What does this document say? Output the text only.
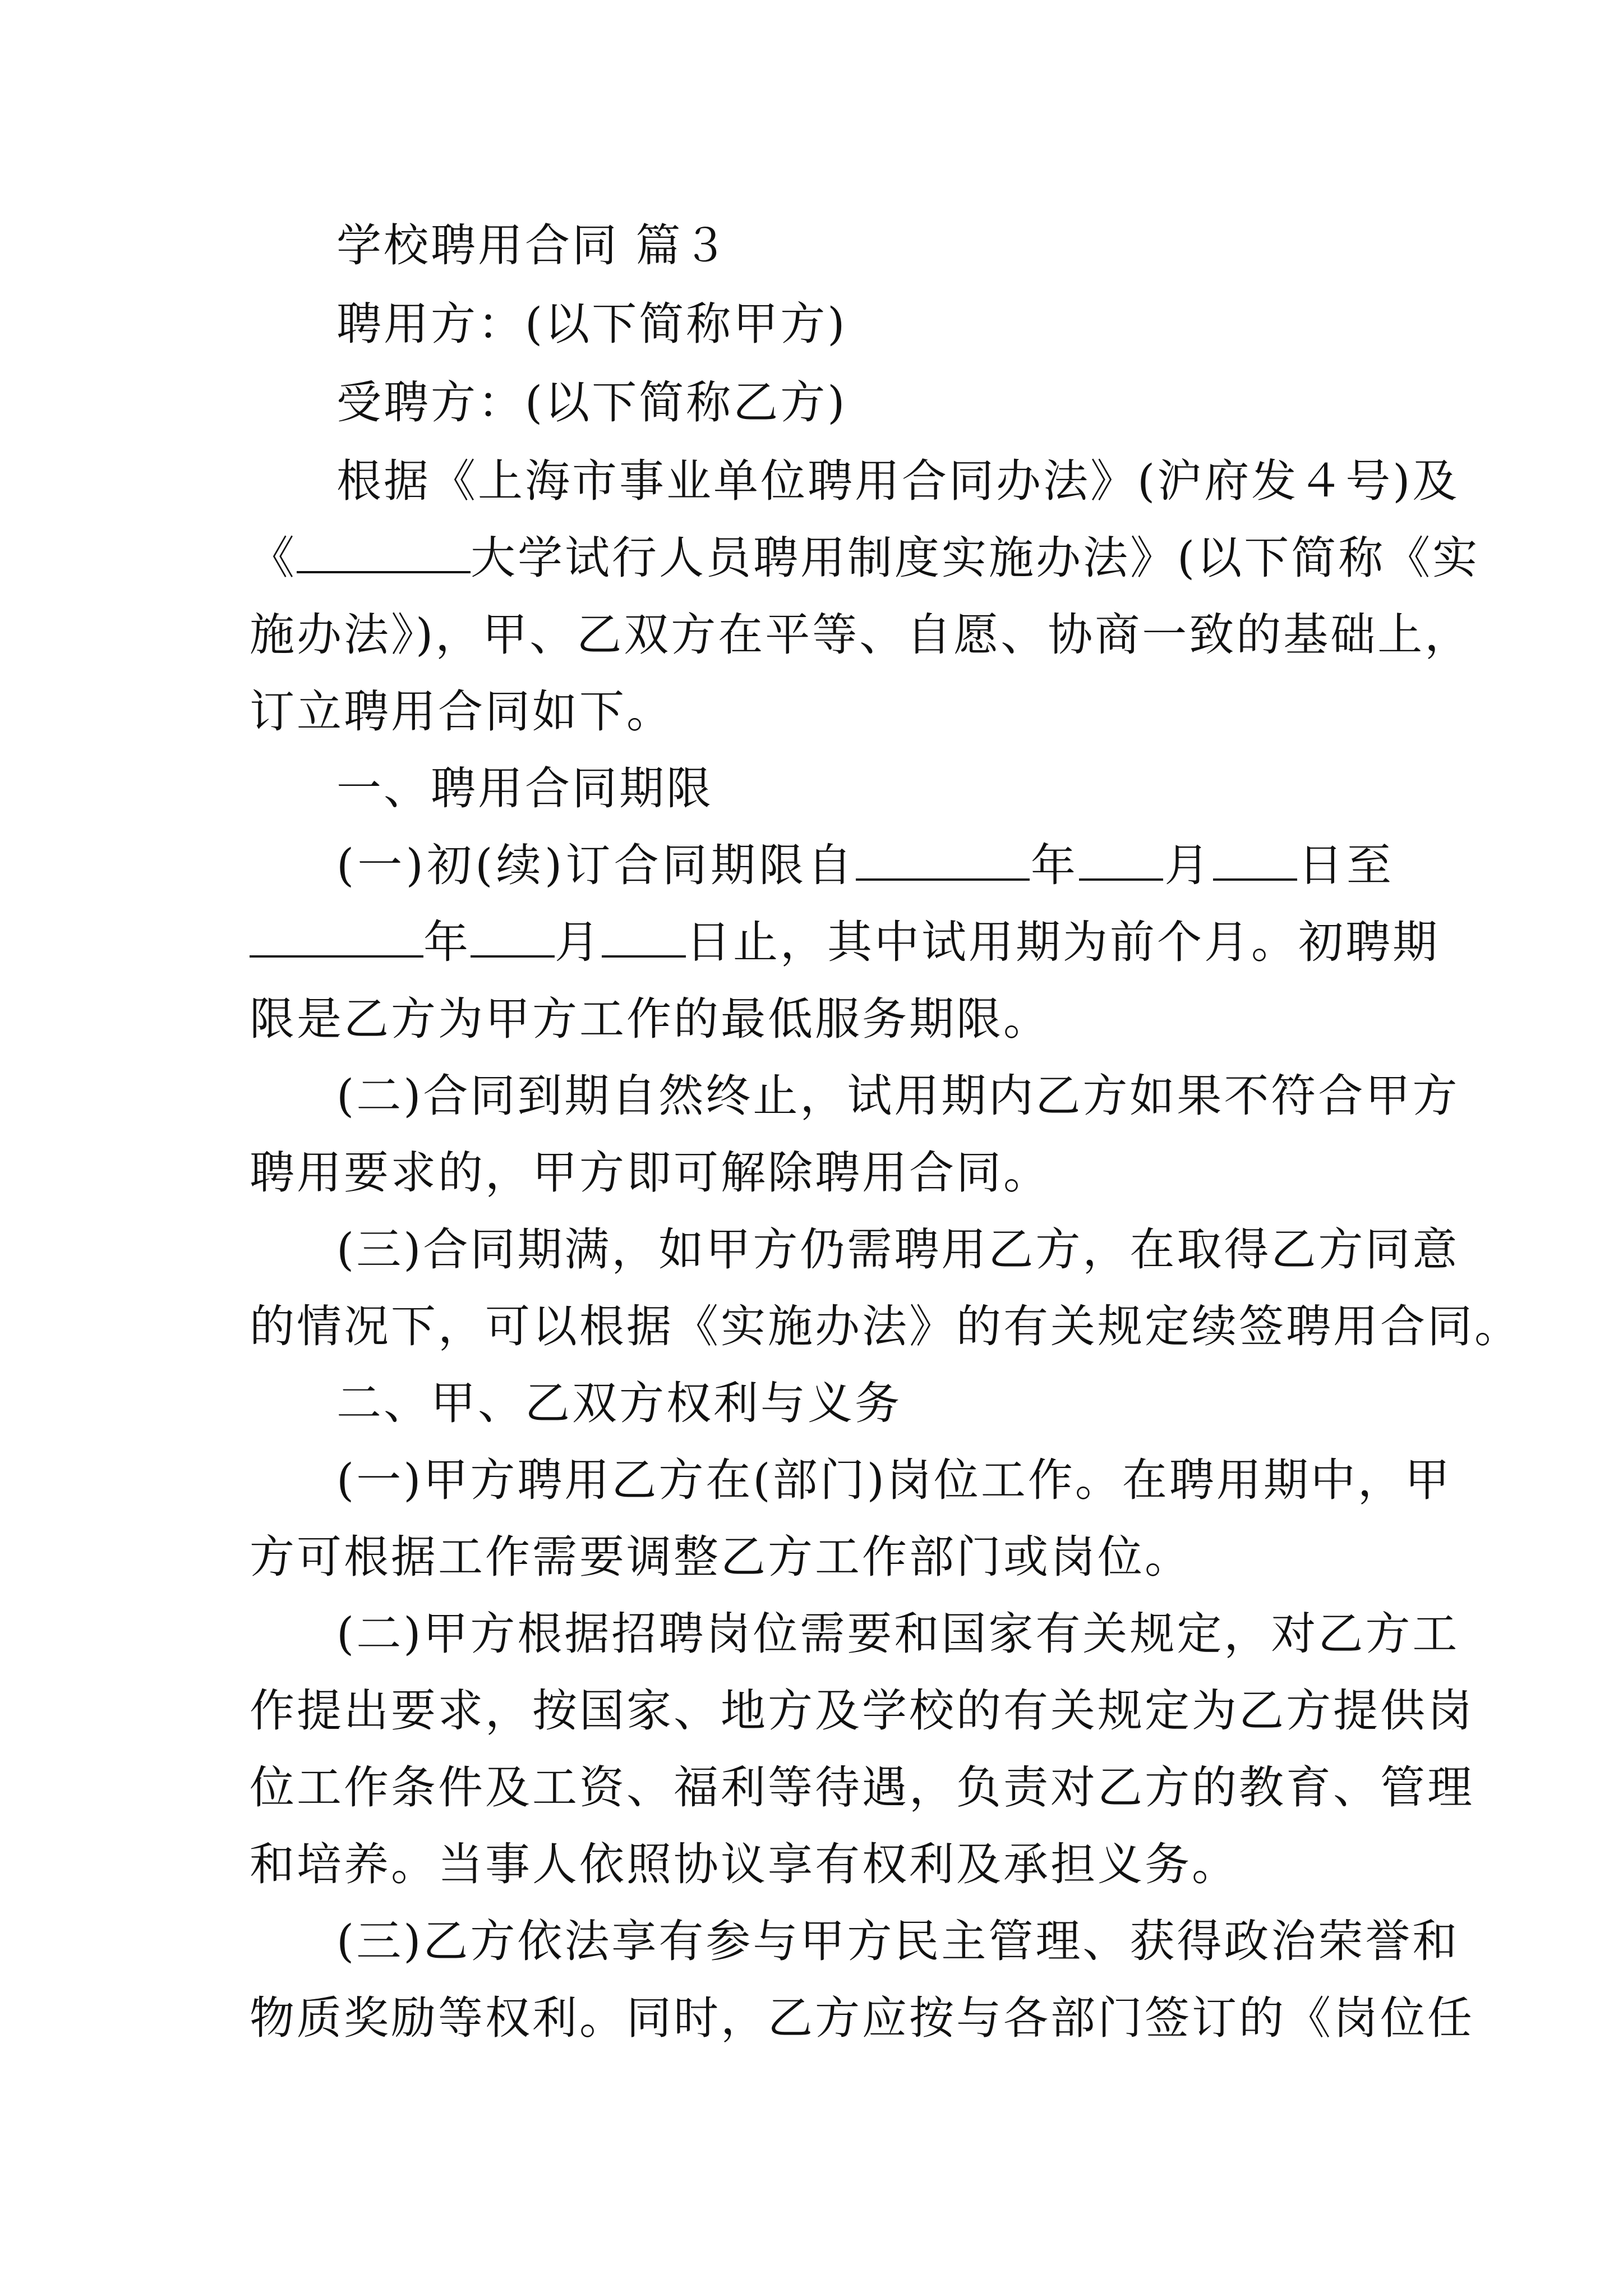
学校聘用合同 篇３
聘用方：(以下简称甲方)
受聘方：(以下简称乙方)
根据《上海市事业单位聘用合同办法》(沪府发４号)及
《	大学试行人员聘用制度实施办法》(以下简称《实
施办法》)，甲、乙双方在平等、自愿、协商一致的基础上，
订立聘用合同如下。
一、聘用合同期限
(一)初(续)订合同期限自	年 月 日至
年 月 日止，其中试用期为前个月。初聘期
限是乙方为甲方工作的最低服务期限。
(二)合同到期自然终止，试用期内乙方如果不符合甲方
聘用要求的，甲方即可解除聘用合同。
(三)合同期满，如甲方仍需聘用乙方，在取得乙方同意
的情况下，可以根据《实施办法》的有关规定续签聘用合同。
二、甲、乙双方权利与义务
(一)甲方聘用乙方在(部门)岗位工作。在聘用期中，甲
方可根据工作需要调整乙方工作部门或岗位。
(二)甲方根据招聘岗位需要和国家有关规定，对乙方工
作提出要求，按国家、地方及学校的有关规定为乙方提供岗
位工作条件及工资、福利等待遇，负责对乙方的教育、管理
和培养。当事人依照协议享有权利及承担义务。
(三)乙方依法享有参与甲方民主管理、获得政治荣誉和
物质奖励等权利。同时，乙方应按与各部门签订的《岗位任
